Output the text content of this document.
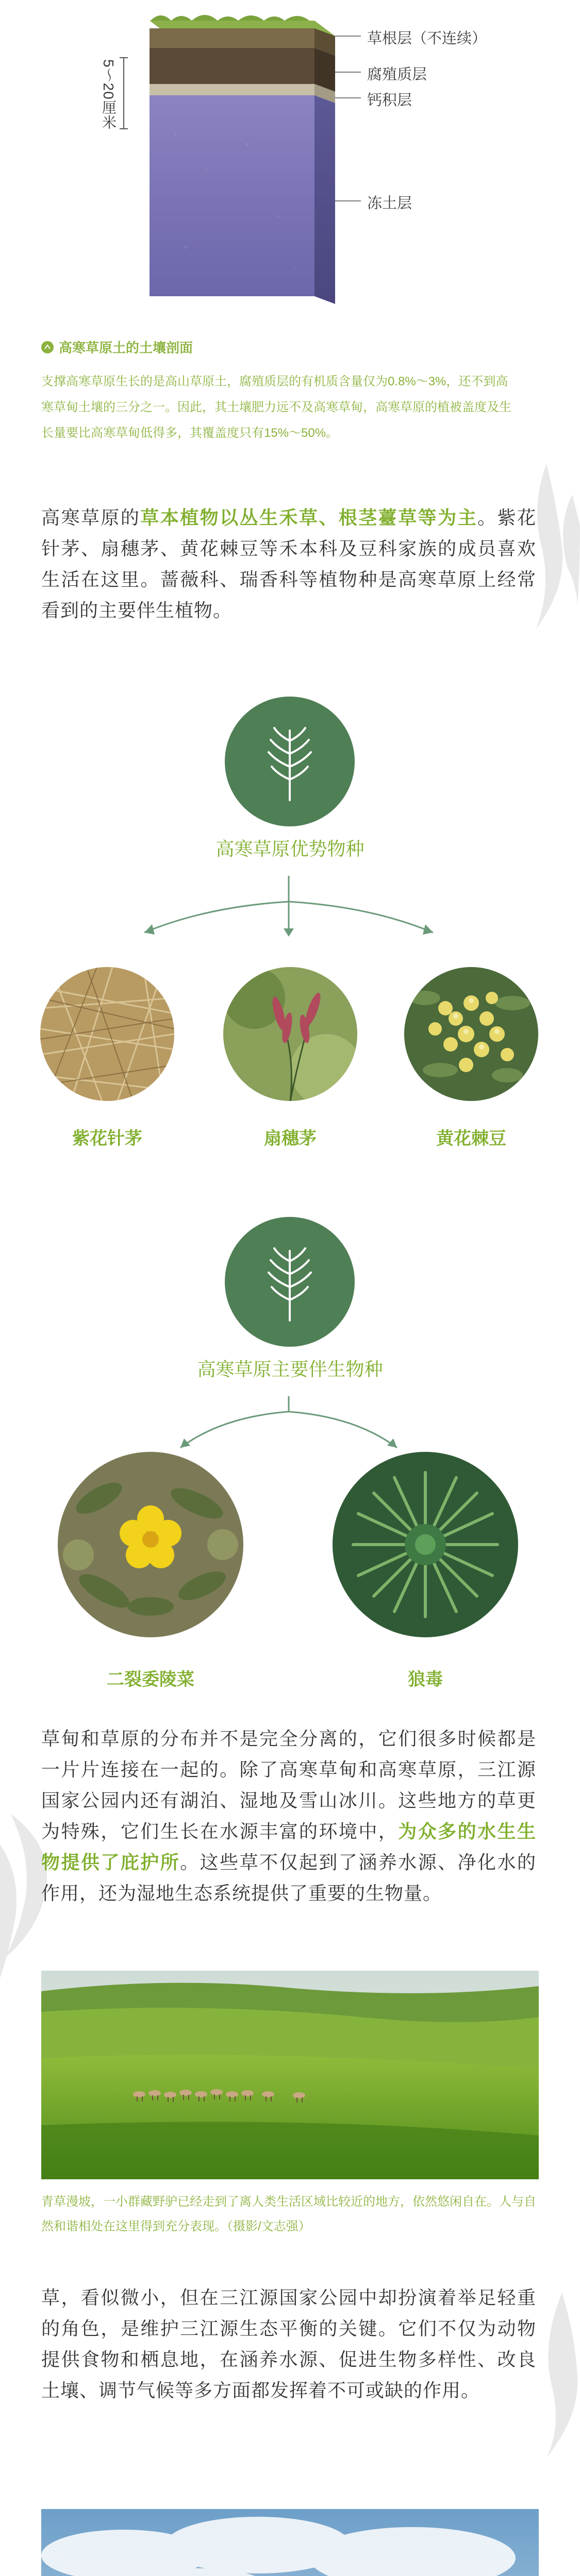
5～20厘米
草根层（不连续）
腐殖质层
钙积层
冻土层
高寒草原土的土壤剖面
支撑高寒草原生长的是高山草原土，腐殖质层的有机质含量仅为0.8%～3%，还不到高寒草甸土壤的三分之一。因此，其土壤肥力远不及高寒草甸，高寒草原的植被盖度及生长量要比高寒草甸低得多，其覆盖度只有15%～50%。
高寒草原的草本植物以丛生禾草、根茎薹草等为主。紫花针茅、扇穗茅、黄花棘豆等禾本科及豆科家族的成员喜欢生活在这里。蔷薇科、瑞香科等植物种是高寒草原上经常看到的主要伴生植物。
高寒草原优势物种
紫花针茅	扇穗茅	黄花棘豆
高寒草原主要伴生物种
二裂委陵菜	狼毒
草甸和草原的分布并不是完全分离的，它们很多时候都是一片片连接在一起的。除了高寒草甸和高寒草原，三江源国家公园内还有湖泊、湿地及雪山冰川。这些地方的草更为特殊，它们生长在水源丰富的环境中，为众多的水生生物提供了庇护所。这些草不仅起到了涵养水源、净化水的作用，还为湿地生态系统提供了重要的生物量。
青草漫坡，一小群藏野驴已经走到了离人类生活区域比较近的地方，依然悠闲自在。人与自然和谐相处在这里得到充分表现。（摄影/文志强）
草，看似微小，但在三江源国家公园中却扮演着举足轻重的角色，是维护三江源生态平衡的关键。它们不仅为动物提供食物和栖息地，在涵养水源、促进生物多样性、改良土壤、调节气候等多方面都发挥着不可或缺的作用。
